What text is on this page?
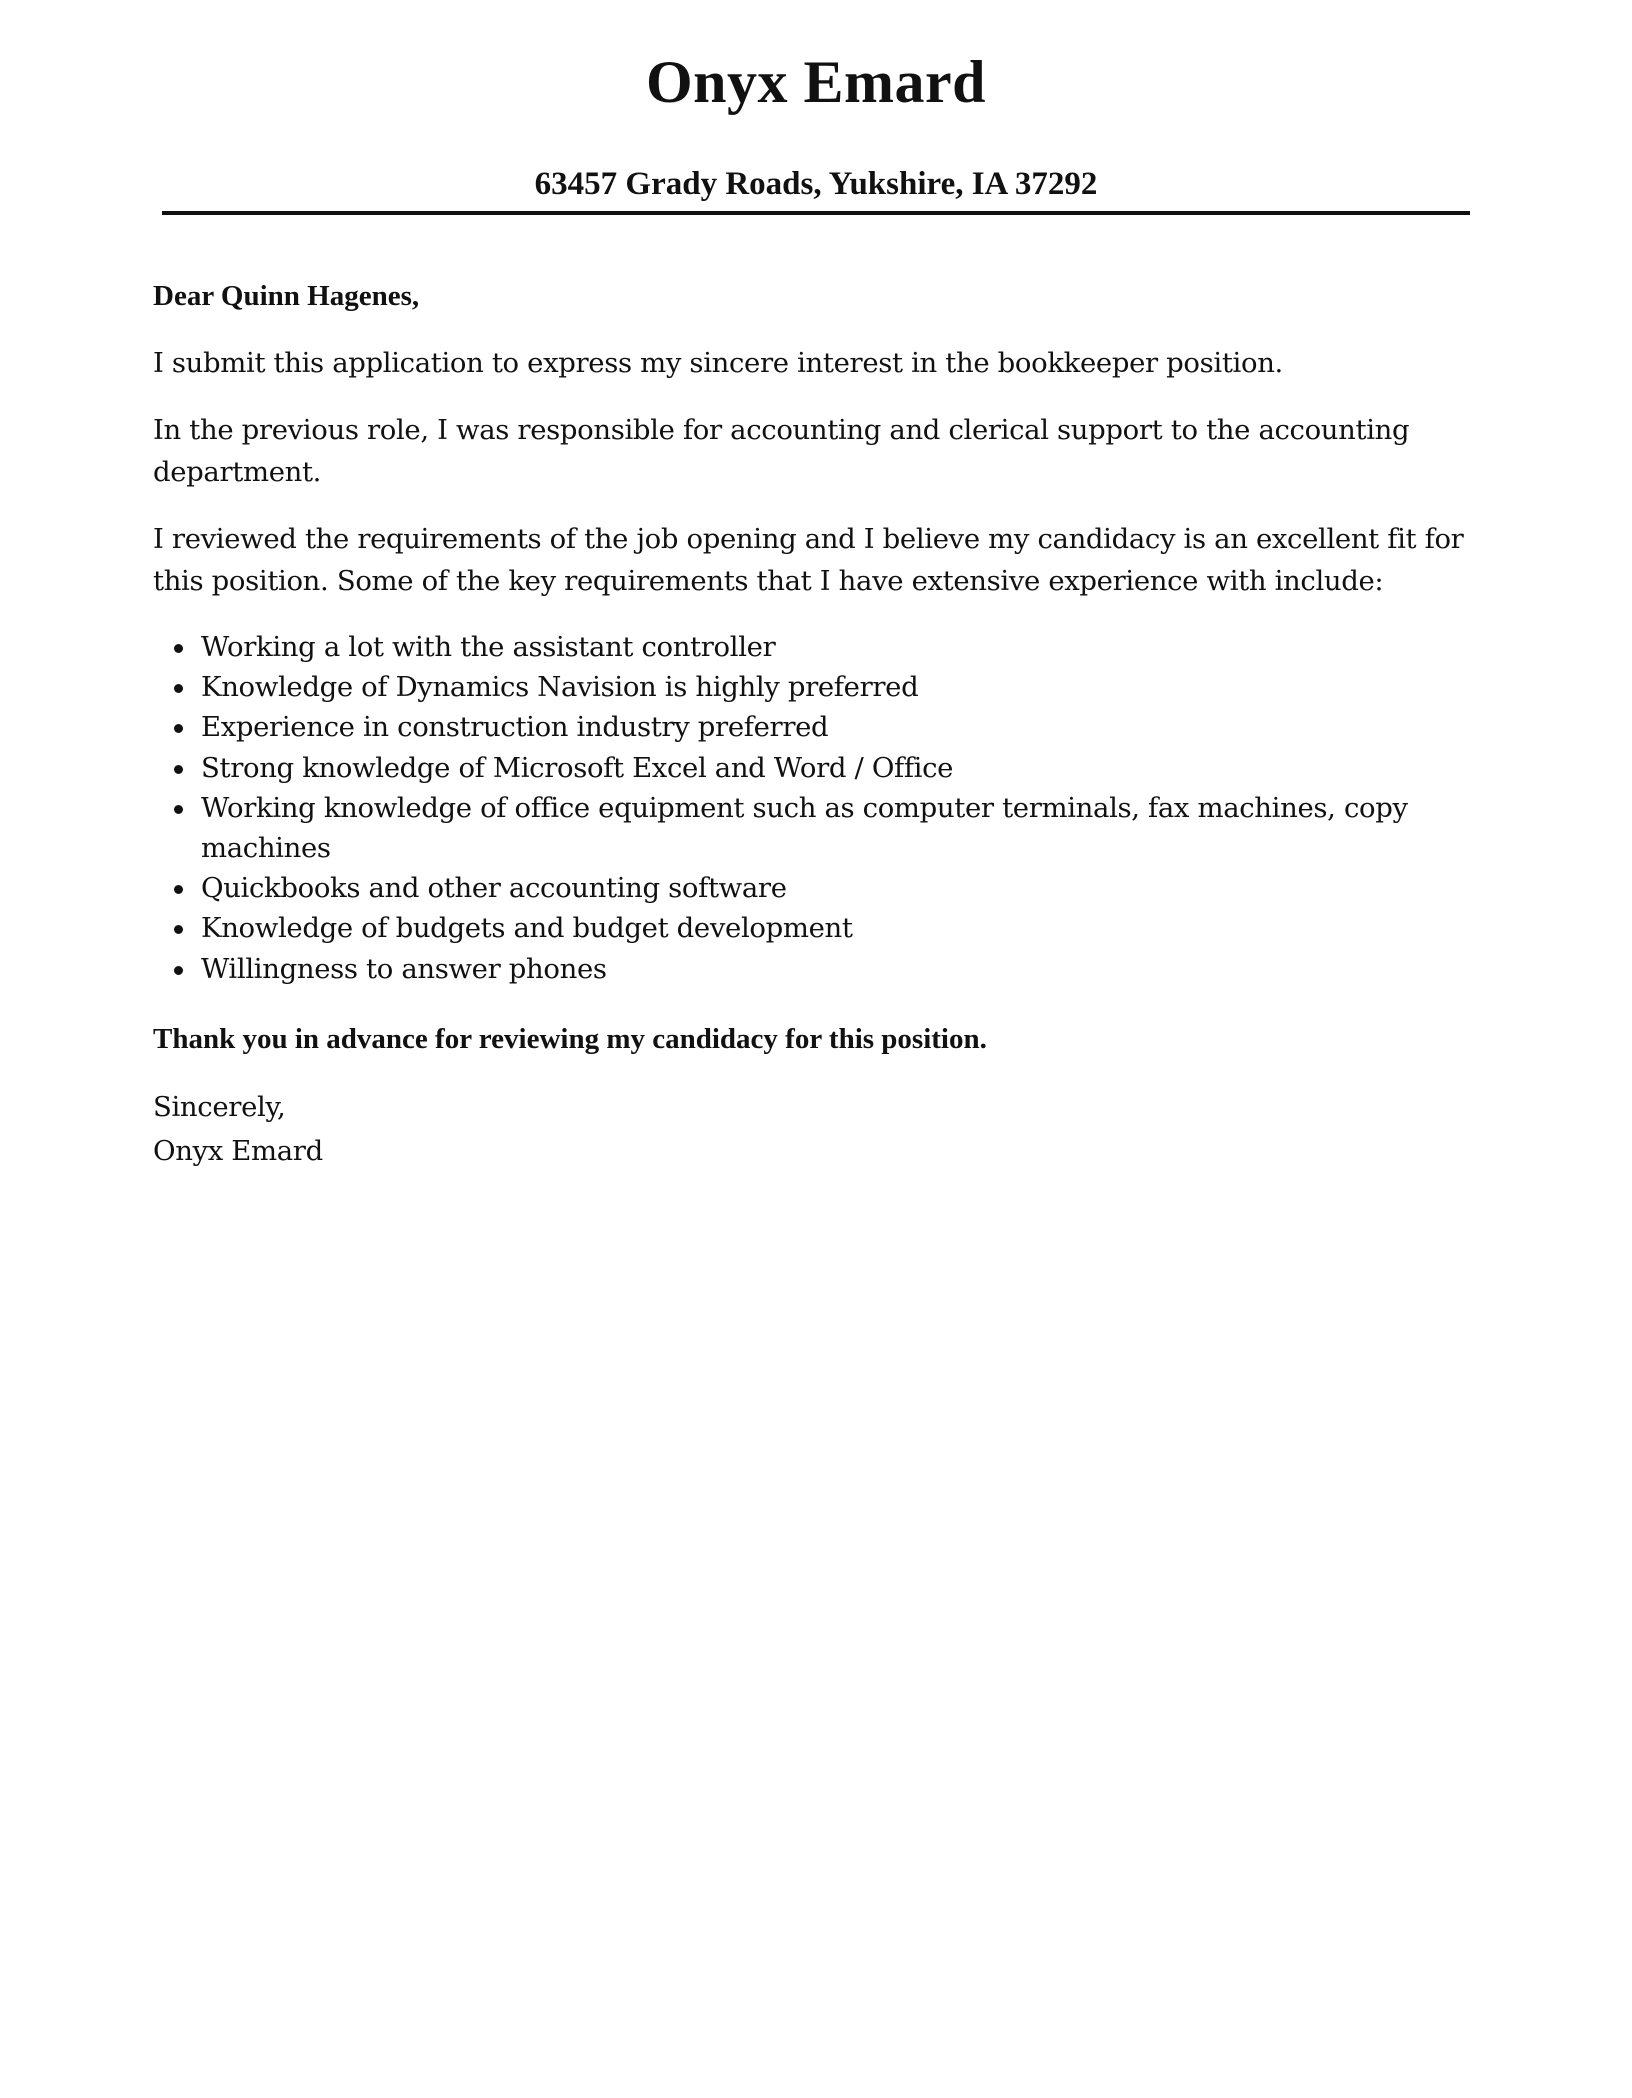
Onyx Emard
63457 Grady Roads, Yukshire, IA 37292

Dear Quinn Hagenes,

I submit this application to express my sincere interest in the bookkeeper position.

In the previous role, I was responsible for accounting and clerical support to the accounting department.

I reviewed the requirements of the job opening and I believe my candidacy is an excellent fit for this position. Some of the key requirements that I have extensive experience with include:

Working a lot with the assistant controller
Knowledge of Dynamics Navision is highly preferred
Experience in construction industry preferred
Strong knowledge of Microsoft Excel and Word / Office
Working knowledge of office equipment such as computer terminals, fax machines, copy machines
Quickbooks and other accounting software
Knowledge of budgets and budget development
Willingness to answer phones

Thank you in advance for reviewing my candidacy for this position.

Sincerely,
Onyx Emard
